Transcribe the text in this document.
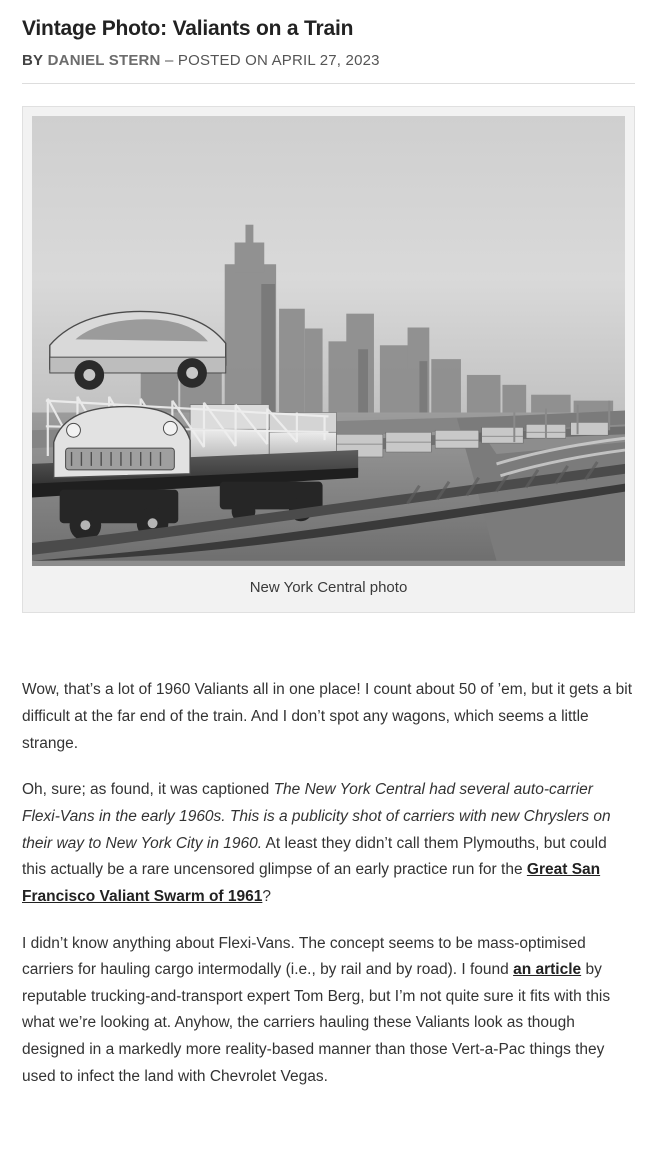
Vintage Photo: Valiants on a Train
BY DANIEL STERN – POSTED ON APRIL 27, 2023
New York Central photo

Wow, that’s a lot of 1960 Valiants all in one place! I count about 50 of ’em, but it gets a bit difficult at the far end of the train. And I don’t spot any wagons, which seems a little strange.

Oh, sure; as found, it was captioned The New York Central had several auto-carrier Flexi-Vans in the early 1960s. This is a publicity shot of carriers with new Chryslers on their way to New York City in 1960. At least they didn’t call them Plymouths, but could this actually be a rare uncensored glimpse of an early practice run for the Great San Francisco Valiant Swarm of 1961?

I didn’t know anything about Flexi-Vans. The concept seems to be mass-optimised carriers for hauling cargo intermodally (i.e., by rail and by road). I found an article by reputable trucking-and-transport expert Tom Berg, but I’m not quite sure it fits with this what we’re looking at. Anyhow, the carriers hauling these Valiants look as though designed in a markedly more reality-based manner than those Vert-a-Pac things they used to infect the land with Chevrolet Vegas.
